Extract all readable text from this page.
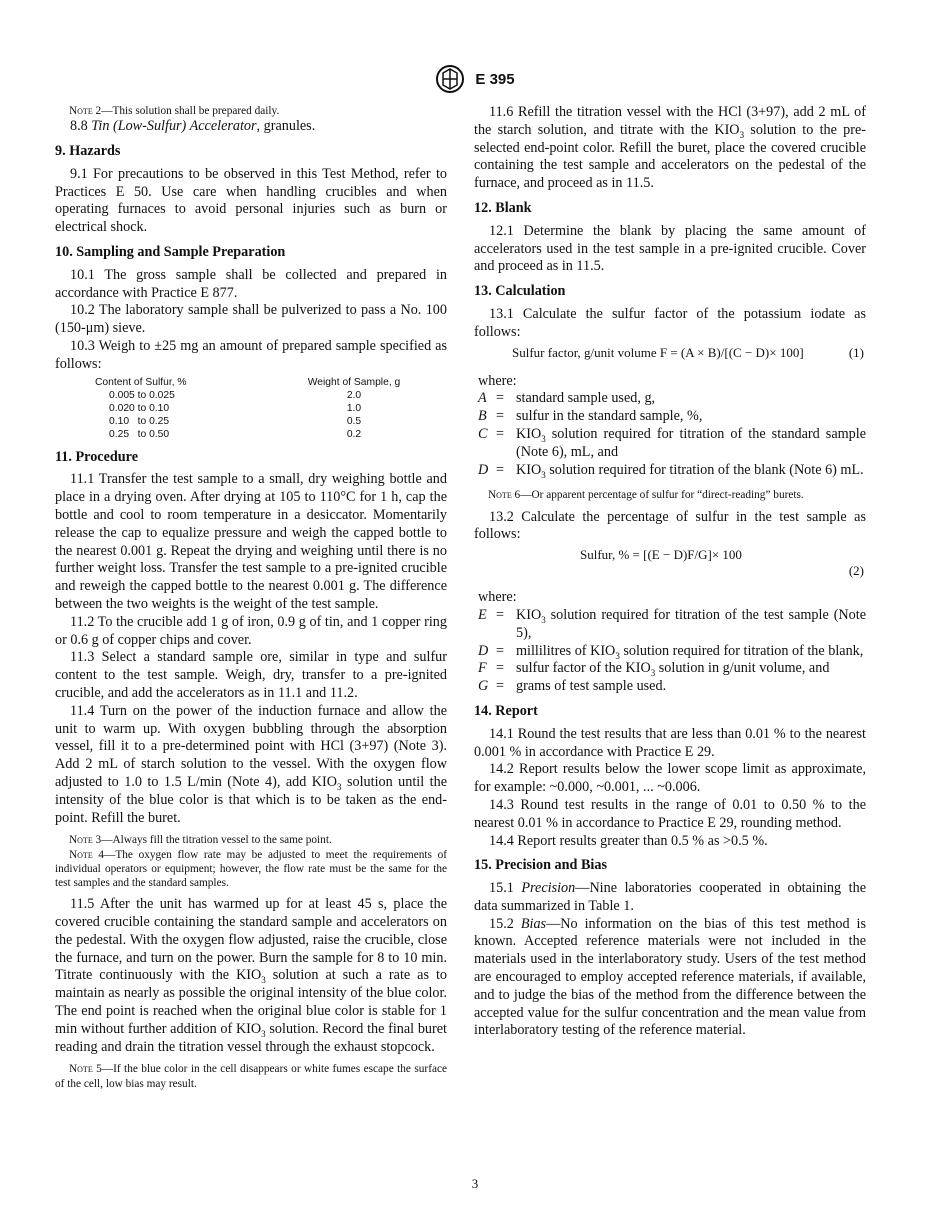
E 395

Note 2—This solution shall be prepared daily.

8.8 Tin (Low-Sulfur) Accelerator, granules.

9. Hazards

9.1 For precautions to be observed in this Test Method, refer to Practices E 50. Use care when handling crucibles and when operating furnaces to avoid personal injuries such as burn or electrical shock.

10. Sampling and Sample Preparation

10.1 The gross sample shall be collected and prepared in accordance with Practice E 877.

10.2 The laboratory sample shall be pulverized to pass a No. 100 (150-μm) sieve.

10.3 Weigh to ±25 mg an amount of prepared sample specified as follows:

Content of Sulfur, %	Weight of Sample, g
0.005 to 0.025	2.0
0.020 to 0.10	1.0
0.10   to 0.25	0.5
0.25   to 0.50	0.2
11. Procedure

11.1 Transfer the test sample to a small, dry weighing bottle and place in a drying oven. After drying at 105 to 110°C for 1 h, cap the bottle and cool to room temperature in a desiccator. Momentarily release the cap to equalize pressure and weigh the capped bottle to the nearest 0.001 g. Repeat the drying and weighing until there is no further weight loss. Transfer the test sample to a pre-ignited crucible and reweigh the capped bottle to the nearest 0.001 g. The difference between the two weights is the weight of the test sample.

11.2 To the crucible add 1 g of iron, 0.9 g of tin, and 1 copper ring or 0.6 g of copper chips and cover.

11.3 Select a standard sample ore, similar in type and sulfur content to the test sample. Weigh, dry, transfer to a pre-ignited crucible, and add the accelerators as in 11.1 and 11.2.

11.4 Turn on the power of the induction furnace and allow the unit to warm up. With oxygen bubbling through the absorption vessel, fill it to a pre-determined point with HCl (3+97) (Note 3). Add 2 mL of starch solution to the vessel. With the oxygen flow adjusted to 1.0 to 1.5 L/min (Note 4), add $KIO_3$ solution until the intensity of the blue color is that which is to be taken as the end-point. Refill the buret.

Note 3—Always fill the titration vessel to the same point.

Note 4—The oxygen flow rate may be adjusted to meet the requirements of individual operators or equipment; however, the flow rate must be the same for the test samples and the standard samples.

11.5 After the unit has warmed up for at least 45 s, place the covered crucible containing the standard sample and accelerators on the pedestal. With the oxygen flow adjusted, raise the crucible, close the furnace, and turn on the power. Burn the sample for 8 to 10 min. Titrate continuously with the $KIO_3$ solution at such a rate as to maintain as nearly as possible the original intensity of the blue color. The end point is reached when the original blue color is stable for 1 min without further addition of $KIO_3$ solution. Record the final buret reading and drain the titration vessel through the exhaust stopcock.

Note 5—If the blue color in the cell disappears or white fumes escape the surface of the cell, low bias may result.

11.6 Refill the titration vessel with the HCl (3+97), add 2 mL of the starch solution, and titrate with the $KIO_3$ solution to the pre-selected end-point color. Refill the buret, place the covered crucible containing the test sample and accelerators on the pedestal of the furnace, and proceed as in 11.5.

12. Blank

12.1 Determine the blank by placing the same amount of accelerators used in the test sample in a pre-ignited crucible. Cover and proceed as in 11.5.

13. Calculation

13.1 Calculate the sulfur factor of the potassium iodate as follows:

Sulfur factor, g/unit volume F = (A × B)/[(C − D)× 100]	(1)

where:

A = standard sample used, g,
B = sulfur in the standard sample, %,
$C = KIO_3$ solution required for titration of the standard sample (Note 6), mL, and
$D = KIO_3$ solution required for titration of the blank (Note 6) mL.

Note 6—Or apparent percentage of sulfur for “direct-reading” burets.

13.2 Calculate the percentage of sulfur in the test sample as follows:

Sulfur, % = [(E − D)F/G]× 100
(2)

where:

$E = KIO_3$ solution required for titration of the test sample (Note 5),
D = millilitres of $KIO_3$ solution required for titration of the blank,
F = sulfur factor of the $KIO_3$ solution in g/unit volume, and
G = grams of test sample used.
14. Report

14.1 Round the test results that are less than 0.01 % to the nearest 0.001 % in accordance with Practice E 29.

14.2 Report results below the lower scope limit as approximate, for example: ~0.000, ~0.001, ... ~0.006.

14.3 Round test results in the range of 0.01 to 0.50 % to the nearest 0.01 % in accordance to Practice E 29, rounding method.

14.4 Report results greater than 0.5 % as >0.5 %.

15. Precision and Bias

15.1 Precision—Nine laboratories cooperated in obtaining the data summarized in Table 1.

15.2 Bias—No information on the bias of this test method is known. Accepted reference materials were not included in the materials used in the interlaboratory study. Users of the test method are encouraged to employ accepted reference materials, if available, and to judge the bias of the method from the difference between the accepted value for the sulfur concentration and the mean value from interlaboratory testing of the reference material.

3
